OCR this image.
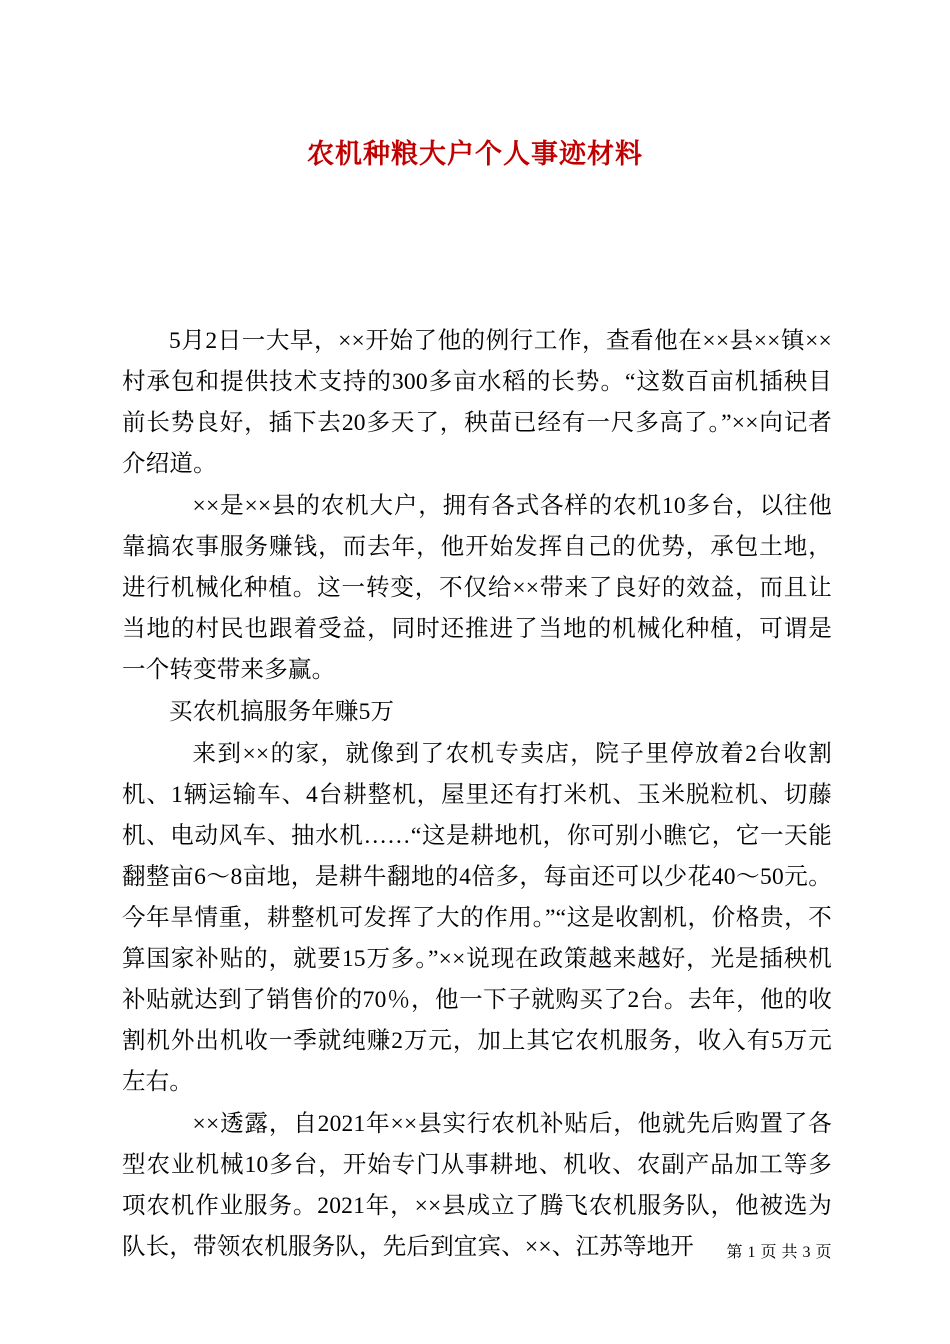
农机种粮大户个人事迹材料

5月2日一大早，××开始了他的例行工作，查看他在××县××镇××村承包和提供技术支持的300多亩水稻的长势。“这数百亩机插秧目前长势良好，插下去20多天了，秧苗已经有一尺多高了。”××向记者介绍道。

××是××县的农机大户，拥有各式各样的农机10多台，以往他靠搞农事服务赚钱，而去年，他开始发挥自己的优势，承包土地，进行机械化种植。这一转变，不仅给××带来了良好的效益，而且让当地的村民也跟着受益，同时还推进了当地的机械化种植，可谓是一个转变带来多赢。

买农机搞服务年赚5万

来到××的家，就像到了农机专卖店，院子里停放着2台收割机、1辆运输车、4台耕整机，屋里还有打米机、玉米脱粒机、切藤机、电动风车、抽水机……“这是耕地机，你可别小瞧它，它一天能翻整亩6～8亩地，是耕牛翻地的4倍多，每亩还可以少花40～50元。今年旱情重，耕整机可发挥了大的作用。”“这是收割机，价格贵，不算国家补贴的，就要15万多。”××说现在政策越来越好，光是插秧机补贴就达到了销售价的70％，他一下子就购买了2台。去年，他的收割机外出机收一季就纯赚2万元，加上其它农机服务，收入有5万元左右。

××透露，自2021年××县实行农机补贴后，他就先后购置了各型农业机械10多台，开始专门从事耕地、机收、农副产品加工等多项农机作业服务。2021年，××县成立了腾飞农机服务队，他被选为队长，带领农机服务队，先后到宜宾、××、江苏等地开	第 1 页 共 3 页
